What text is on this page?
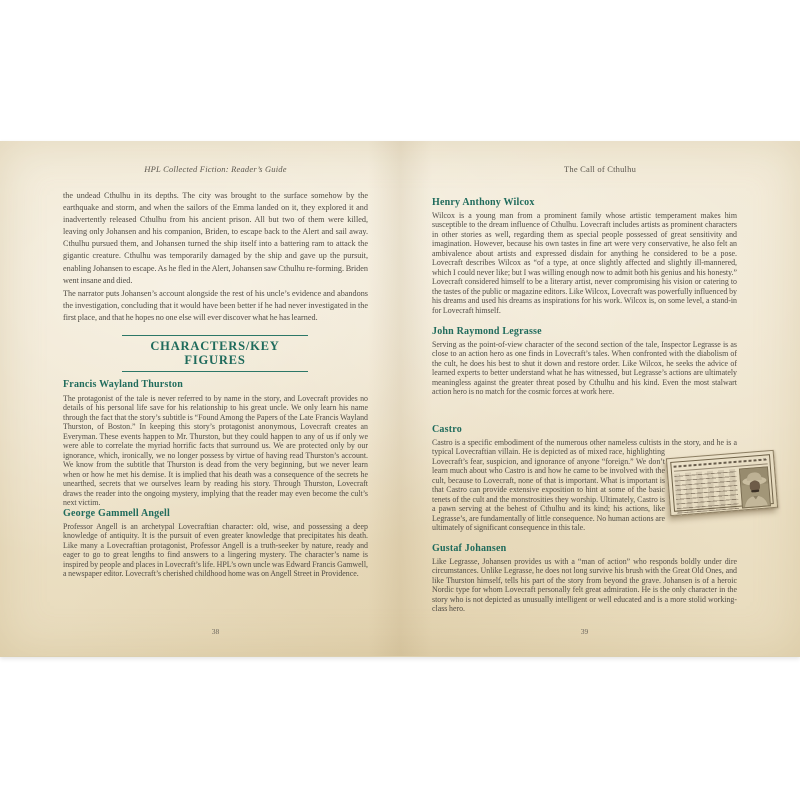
HPL Collected Fiction: Reader’s Guide
the undead Cthulhu in its depths. The city was brought to the surface somehow by the earthquake and storm, and when the sailors of the Emma landed on it, they explored it and inadvertently released Cthulhu from his ancient prison. All but two of them were killed, leaving only Johansen and his companion, Briden, to escape back to the Alert and sail away. Cthulhu pursued them, and Johansen turned the ship itself into a battering ram to attack the gigantic creature. Cthulhu was temporarily damaged by the ship and gave up the pursuit, enabling Johansen to escape. As he fled in the Alert, Johansen saw Cthulhu re-forming. Briden went insane and died.
The narrator puts Johansen’s account alongside the rest of his uncle’s evidence and abandons the investigation, concluding that it would have been better if he had never investigated in the first place, and that he hopes no one else will ever discover what he has learned.
CHARACTERS/KEY FIGURES
Francis Wayland Thurston
The protagonist of the tale is never referred to by name in the story, and Lovecraft provides no details of his personal life save for his relationship to his great uncle. We only learn his name through the fact that the story’s subtitle is “Found Among the Papers of the Late Francis Wayland Thurston, of Boston.” In keeping this story’s protagonist anonymous, Lovecraft creates an Everyman. These events happen to Mr. Thurston, but they could happen to any of us if only we were able to correlate the myriad horrific facts that surround us. We are protected only by our ignorance, which, ironically, we no longer possess by virtue of having read Thurston’s account. We know from the subtitle that Thurston is dead from the very beginning, but we never learn when or how he met his demise. It is implied that his death was a consequence of the secrets he unearthed, secrets that we ourselves learn by reading his story. Through Thurston, Lovecraft draws the reader into the ongoing mystery, implying that the reader may even become the cult’s next victim.
George Gammell Angell
Professor Angell is an archetypal Lovecraftian character: old, wise, and possessing a deep knowledge of antiquity. It is the pursuit of even greater knowledge that precipitates his death. Like many a Lovecraftian protagonist, Professor Angell is a truth-seeker by nature, ready and eager to go to great lengths to find answers to a lingering mystery. The character’s name is inspired by people and places in Lovecraft’s life. HPL’s own uncle was Edward Francis Gamwell, a newspaper editor. Lovecraft’s cherished childhood home was on Angell Street in Providence.
38
The Call of Cthulhu
Henry Anthony Wilcox
Wilcox is a young man from a prominent family whose artistic temperament makes him susceptible to the dream influence of Cthulhu. Lovecraft includes artists as prominent characters in other stories as well, regarding them as special people possessed of great sensitivity and imagination. However, because his own tastes in fine art were very conservative, he also felt an ambivalence about artists and expressed disdain for anything he considered to be a pose. Lovecraft describes Wilcox as “of a type, at once slightly affected and slightly ill-mannered, which I could never like; but I was willing enough now to admit both his genius and his honesty.” Lovecraft considered himself to be a literary artist, never compromising his vision or catering to the tastes of the public or magazine editors. Like Wilcox, Lovecraft was powerfully influenced by his dreams and used his dreams as inspirations for his work. Wilcox is, on some level, a stand-in for Lovecraft himself.
John Raymond Legrasse
Serving as the point-of-view character of the second section of the tale, Inspector Legrasse is as close to an action hero as one finds in Lovecraft’s tales. When confronted with the diabolism of the cult, he does his best to shut it down and restore order. Like Wilcox, he seeks the advice of learned experts to better understand what he has witnessed, but Legrasse’s actions are ultimately meaningless against the greater threat posed by Cthulhu and his kind. Even the most stalwart action hero is no match for the cosmic forces at work here.
Castro

Castro is a specific embodiment of the numerous other nameless cultists in the story, and he is a typical Lovecraftian villain. He is depicted as of mixed race, highlighting Lovecraft’s fear, suspicion, and ignorance of anyone “foreign.” We don’t learn much about who Castro is and how he came to be involved with the cult, because to Lovecraft, none of that is important. What is important is that Castro can provide extensive exposition to hint at some of the basic tenets of the cult and the monstrosities they worship. Ultimately, Castro is a pawn serving at the behest of Cthulhu and its kind; his actions, like Legrasse’s, are fundamentally of little consequence. No human actions are ultimately of significant consequence in this tale.

Gustaf Johansen
Like Legrasse, Johansen provides us with a “man of action” who responds boldly under dire circumstances. Unlike Legrasse, he does not long survive his brush with the Great Old Ones, and like Thurston himself, tells his part of the story from beyond the grave. Johansen is of a heroic Nordic type for whom Lovecraft personally felt great admiration. He is the only character in the story who is not depicted as unusually intelligent or well educated and is a more stolid working-class hero.
39
